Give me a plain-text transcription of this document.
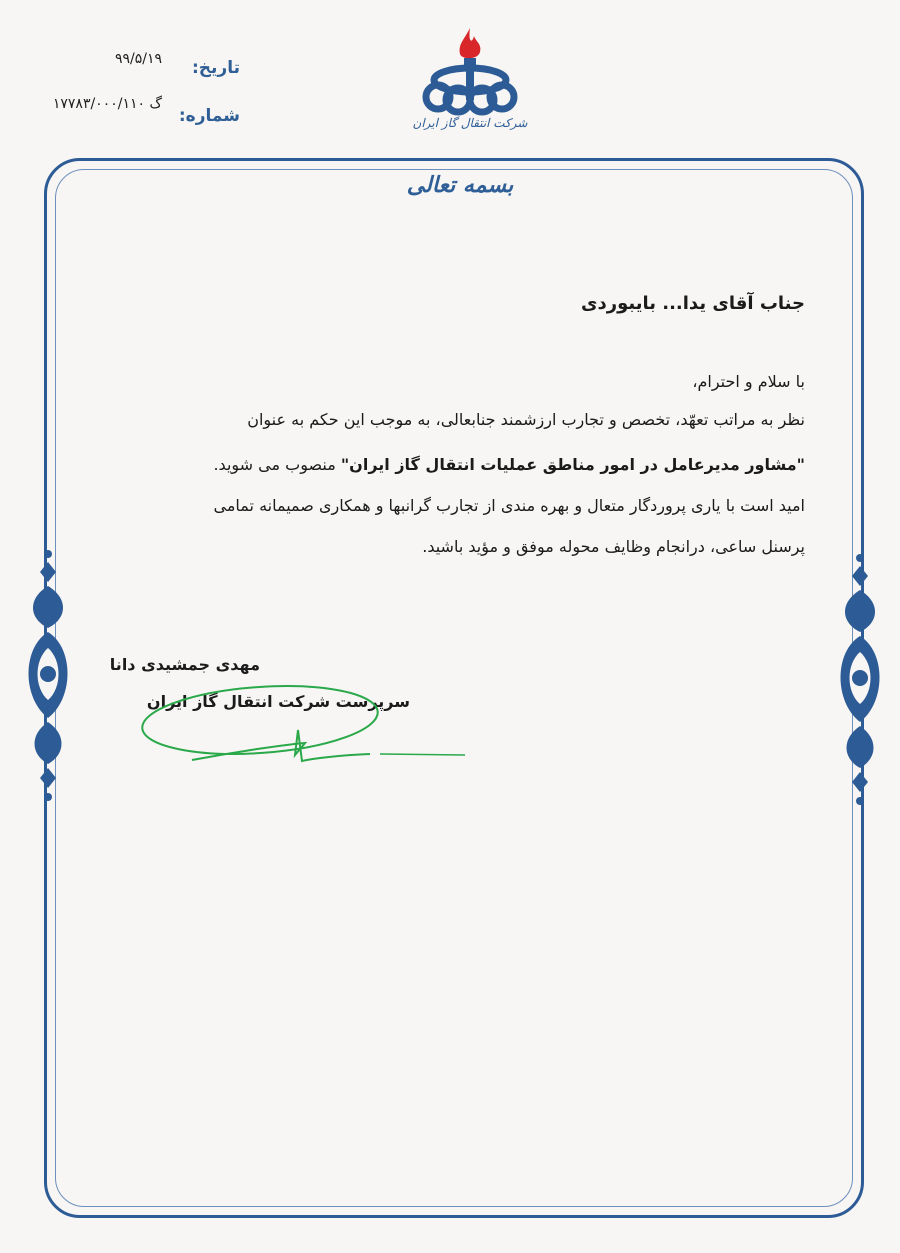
تاریخ:
۹۹/۵/۱۹
شماره:
گ ۱۷۷۸۳/۰۰۰/۱۱۰
شرکت انتقال گاز ایران
بسمه تعالی
جناب آقای یدا... بایبوردی
با سلام و احترام،
نظر به مراتب تعهّد، تخصص و تجارب ارزشمند جنابعالی، به موجب این حکم به عنوان
"مشاور مدیرعامل در امور مناطق عملیات انتقال گاز ایران" منصوب می شوید.
امید است با یاری پروردگار متعال و بهره مندی از تجارب گرانبها و همکاری صمیمانه تمامی
پرسنل ساعی، درانجام وظایف محوله موفق و مؤید باشید.
مهدی جمشیدی دانا
سرپرست شرکت انتقال گاز ایران
